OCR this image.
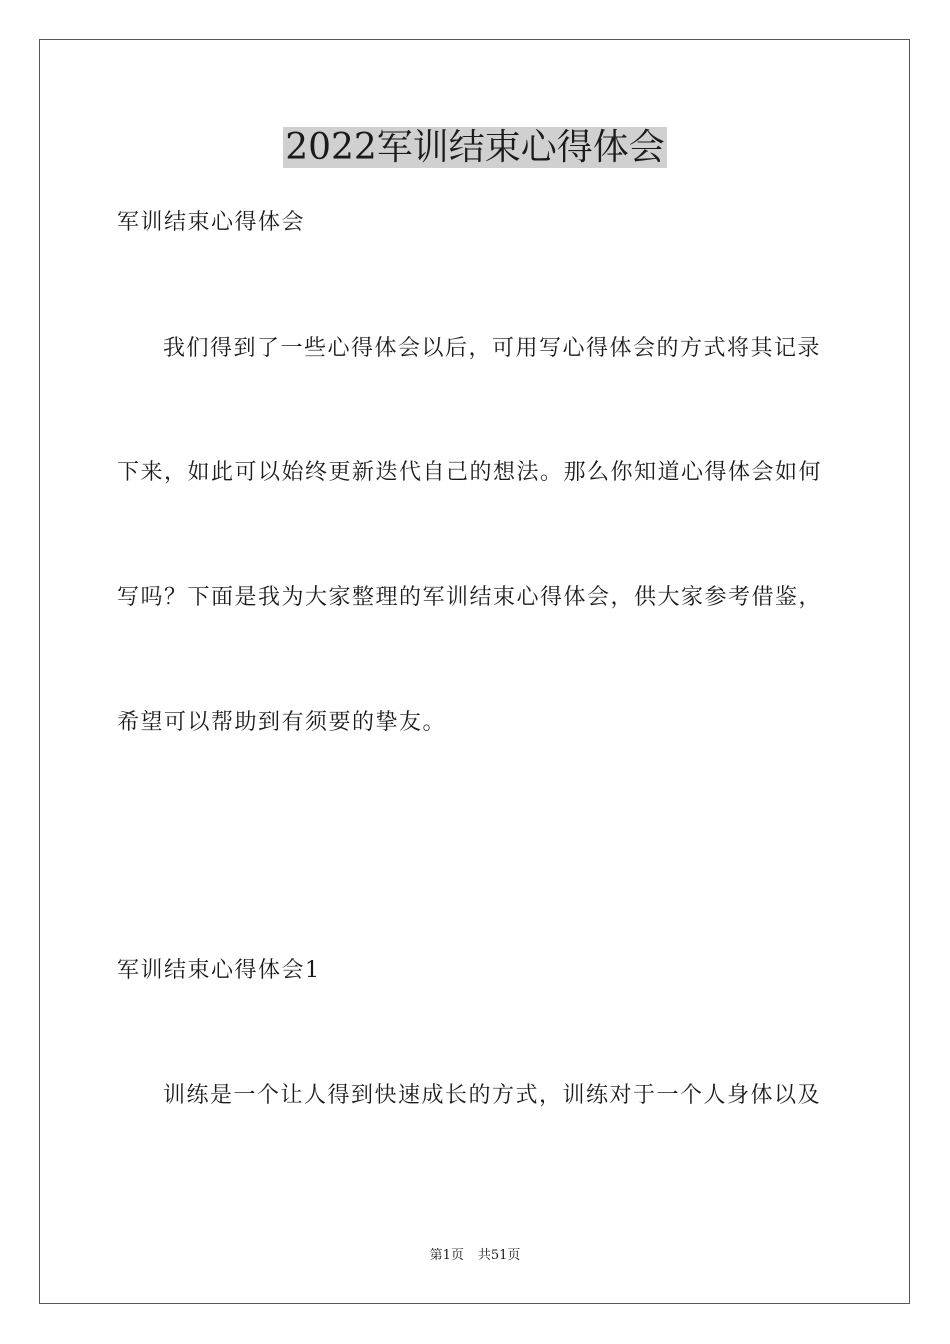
2022军训结束心得体会

军训结束心得体会

我们得到了一些心得体会以后，可用写心得体会的方式将其记录

下来，如此可以始终更新迭代自己的想法。那么你知道心得体会如何

写吗？下面是我为大家整理的军训结束心得体会，供大家参考借鉴，

希望可以帮助到有须要的挚友。

军训结束心得体会1

训练是一个让人得到快速成长的方式，训练对于一个人身体以及

第1页 共51页
